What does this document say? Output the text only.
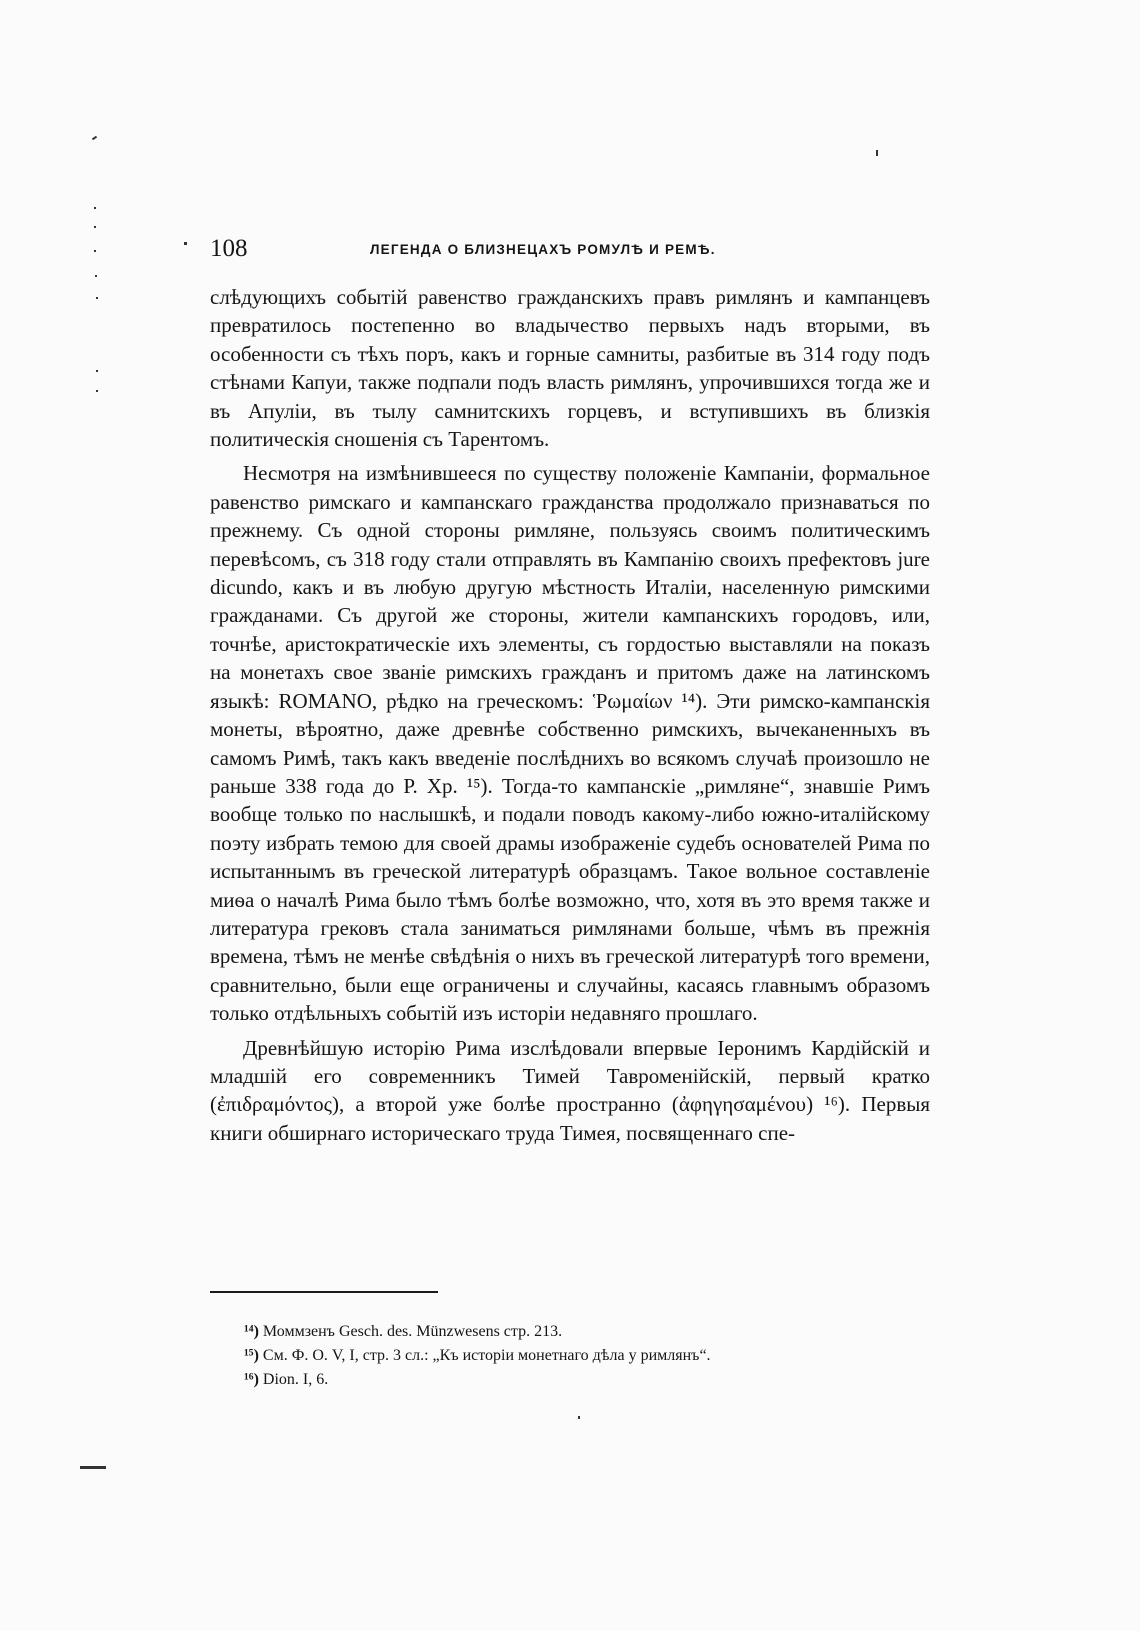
108	ЛЕГЕНДА О БЛИЗНЕЦАХЪ РОМУЛѢ И РЕМѢ.

слѣдующихъ событій равенство гражданскихъ правъ римлянъ и кампанцевъ превратилось постепенно во владычество первыхъ надъ вторыми, въ особенности съ тѣхъ поръ, какъ и горные самниты, разбитые въ 314 году подъ стѣнами Капуи, также подпали подъ власть римлянъ, упрочившихся тогда же и въ Апуліи, въ тылу самнитскихъ горцевъ, и вступившихъ въ близкія политическія сношенія съ Тарентомъ.

Несмотря на измѣнившееся по существу положеніе Кампаніи, формальное равенство римскаго и кампанскаго гражданства продолжало признаваться по прежнему. Съ одной стороны римляне, пользуясь своимъ политическимъ перевѣсомъ, съ 318 году стали отправлять въ Кампанію своихъ префектовъ jure dicundo, какъ и въ любую другую мѣстность Италіи, населенную римскими гражданами. Съ другой же стороны, жители кампанскихъ городовъ, или, точнѣе, аристократическіе ихъ элементы, съ гордостью выставляли на показъ на монетахъ свое званіе римскихъ гражданъ и притомъ даже на латинскомъ языкѣ: ROMANO, рѣдко на греческомъ: Ῥωμαίων ¹⁴). Эти римско-кампанскія монеты, вѣроятно, даже древнѣе собственно римскихъ, вычеканенныхъ въ самомъ Римѣ, такъ какъ введеніе послѣднихъ во всякомъ случаѣ произошло не раньше 338 года до Р. Хр. ¹⁵). Тогда-то кампанскіе „римляне“, знавшіе Римъ вообще только по наслышкѣ, и подали поводъ какому-либо южно-италійскому поэту избрать темою для своей драмы изображеніе судебъ основателей Рима по испытаннымъ въ греческой литературѣ образцамъ. Такое вольное составленіе миѳа о началѣ Рима было тѣмъ болѣе возможно, что, хотя въ это время также и литература грековъ стала заниматься римлянами больше, чѣмъ въ прежнія времена, тѣмъ не менѣе свѣдѣнія о нихъ въ греческой литературѣ того времени, сравнительно, были еще ограничены и случайны, касаясь главнымъ образомъ только отдѣльныхъ событій изъ исторіи недавняго прошлаго.

Древнѣйшую исторію Рима изслѣдовали впервые Іеронимъ Кардійскій и младшій его современникъ Тимей Тавроменійскій, первый кратко (ἐπιδραμόντος), а второй уже болѣе пространно (ἀφηγησαμένου) ¹⁶). Первыя книги обширнаго историческаго труда Тимея, посвященнаго спе-

¹⁴) Моммзенъ Gesch. des. Münzwesens стр. 213.
¹⁵) См. Ф. О. V, I, стр. 3 сл.: „Къ исторіи монетнаго дѣла у римлянъ“.
¹⁶) Dion. I, 6.
